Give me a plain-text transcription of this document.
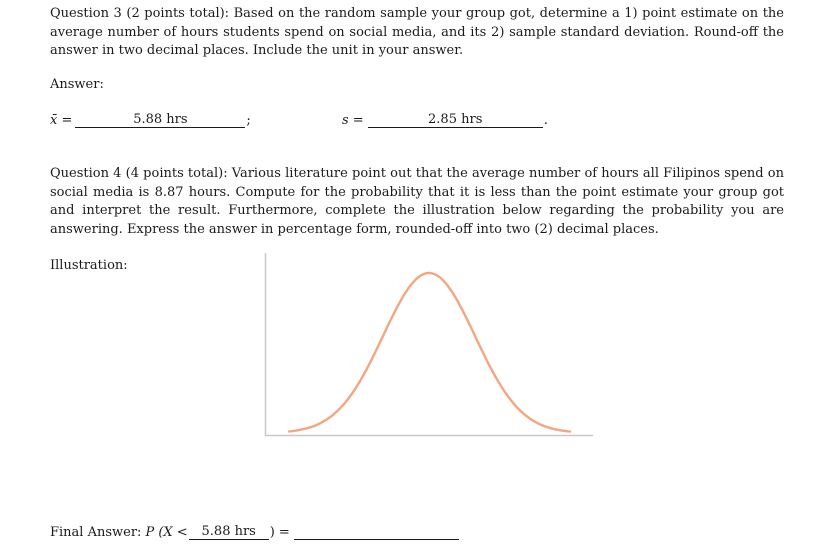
Question 3 (2 points total): Based on the random sample your group got, determine a 1) point estimate on the average number of hours students spend on social media, and its 2) sample standard deviation. Round-off the answer in two decimal places. Include the unit in your answer.
Answer:
x̄ =	5.88 hrs	;	s =	2.85 hrs	.
Question 4 (4 points total): Various literature point out that the average number of hours all Filipinos spend on social media is 8.87 hours. Compute for the probability that it is less than the point estimate your group got and interpret the result. Furthermore, complete the illustration below regarding the probability you are answering. Express the answer in percentage form, rounded-off into two (2) decimal places.
Illustration:
Final Answer: P (X <	5.88 hrs	) =
